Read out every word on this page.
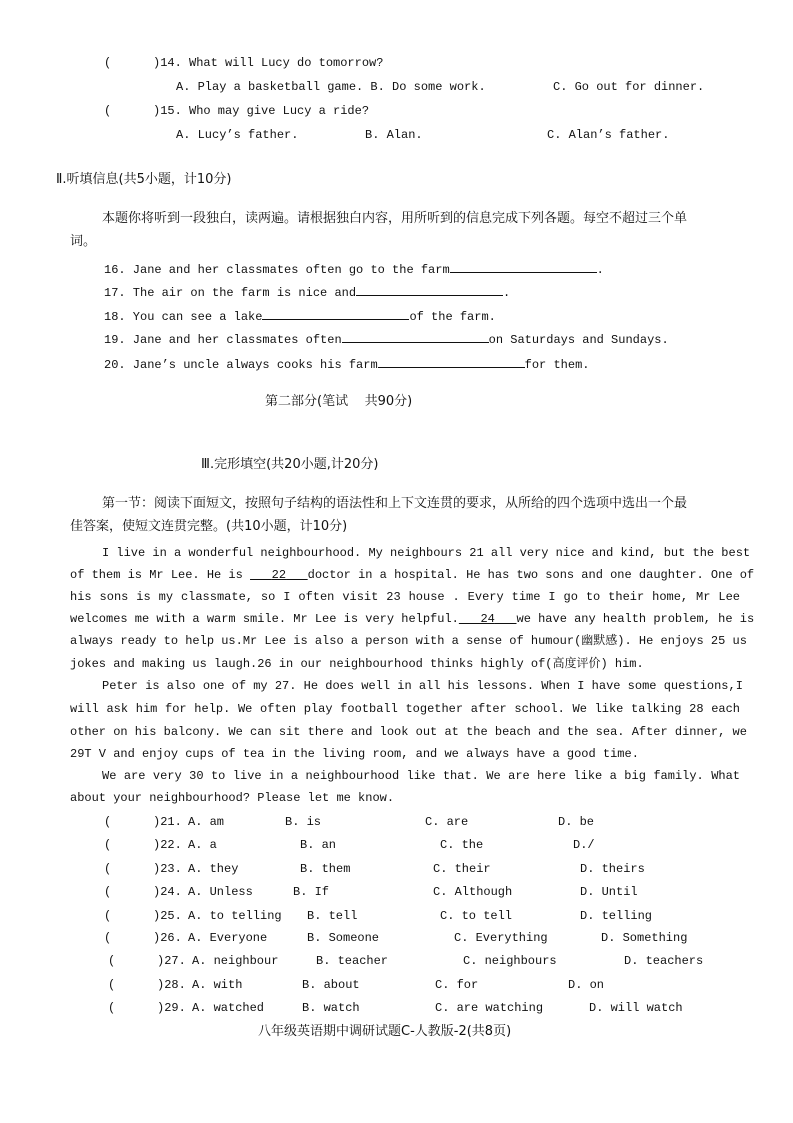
(	)14. What will Lucy do tomorrow?
A. Play a basketball game. B. Do some work.	C. Go out for dinner.
(	)15. Who may give Lucy a ride?
A. Lucy’s father.	B. Alan.	C. Alan’s father.
Ⅱ.听填信息(共5小题，计10分)
本题你将听到一段独白，读两遍。请根据独白内容，用所听到的信息完成下列各题。每空不超过三个单
词。
16. Jane and her classmates often go to the farm	.
17. The air on the farm is nice and	.
18. You can see a lake	of the farm.
19. Jane and her classmates often	on Saturdays and Sundays.
20. Jane’s uncle always cooks his farm	for them.
第二部分(笔试    共90分)
Ⅲ.完形填空(共20小题,计20分)
第一节：阅读下面短文，按照句子结构的语法性和上下文连贯的要求，从所给的四个选项中选出一个最
佳答案，使短文连贯完整。(共10小题，计10分)
I live in a wonderful neighbourhood. My neighbours 21 all very nice and kind, but the best
of them is Mr Lee. He is 22 doctor in a hospital. He has two sons and one daughter. One of
his sons is my classmate, so I often visit 23 house . Every time I go to their home, Mr Lee
welcomes me with a warm smile. Mr Lee is very helpful. 24 we have any health problem, he is
always ready to help us.Mr Lee is also a person with a sense of humour(幽默感). He enjoys 25 us
jokes and making us laugh.26 in our neighbourhood thinks highly of(高度评价) him.
Peter is also one of my 27. He does well in all his lessons. When I have some questions,I
will ask him for help. We often play football together after school. We like talking 28 each
other on his balcony. We can sit there and look out at the beach and the sea. After dinner, we
29T V and enjoy cups of tea in the living room, and we always have a good time.
We are very 30 to live in a neighbourhood like that. We are here like a big family. What
about your neighbourhood? Please let me know.
(	)21. A. am	B. is	C. are	D. be
(	)22. A. a	B. an	C. the	D./
(	)23. A. they	B. them	C. their	D. theirs
(	)24. A. Unless	B. If	C. Although	D. Until
(	)25. A. to telling B. tell	C. to tell	D. telling
(	)26. A. Everyone	B. Someone	C. Everything	D. Something
(	)27. A. neighbour	B. teacher	C. neighbours	D. teachers
(	)28. A. with	B. about	C. for	D. on
(	)29. A. watched	B. watch	C. are watching	D. will watch
八年级英语期中调研试题C-人教版-2(共8页)
